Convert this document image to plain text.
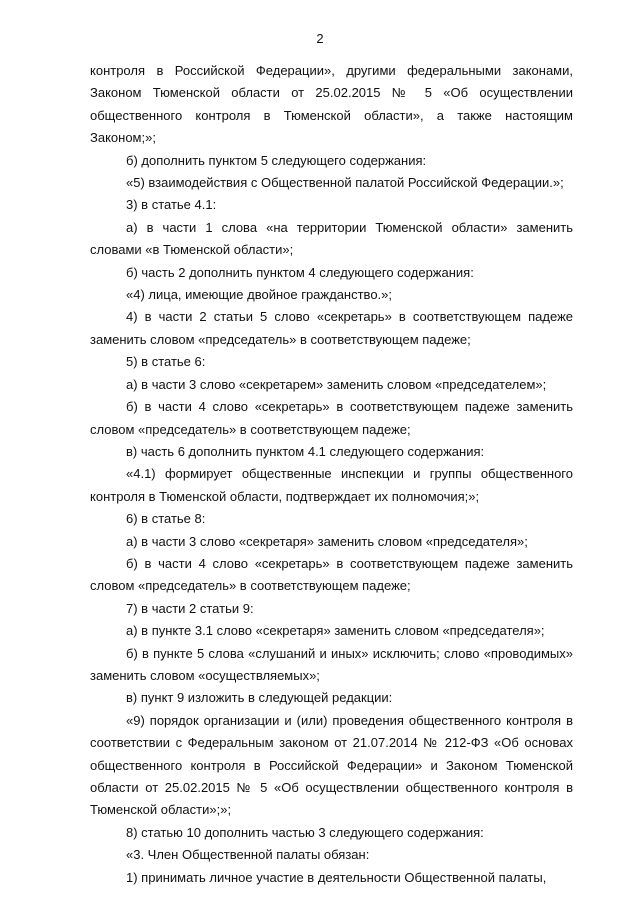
2

контроля в Российской Федерации», другими федеральными законами, Законом Тюменской области от 25.02.2015 № 5 «Об осуществлении общественного контроля в Тюменской области», а также настоящим Законом;»;

б) дополнить пунктом 5 следующего содержания:

«5) взаимодействия с Общественной палатой Российской Федерации.»;

3) в статье 4.1:

а) в части 1 слова «на территории Тюменской области» заменить словами «в Тюменской области»;

б) часть 2 дополнить пунктом 4 следующего содержания:

«4) лица, имеющие двойное гражданство.»;

4) в части 2 статьи 5 слово «секретарь» в соответствующем падеже заменить словом «председатель» в соответствующем падеже;

5) в статье 6:

а) в части 3 слово «секретарем» заменить словом «председателем»;

б) в части 4 слово «секретарь» в соответствующем падеже заменить словом «председатель» в соответствующем падеже;

в) часть 6 дополнить пунктом 4.1 следующего содержания:

«4.1) формирует общественные инспекции и группы общественного контроля в Тюменской области, подтверждает их полномочия;»;

6) в статье 8:

а) в части 3 слово «секретаря» заменить словом «председателя»;

б) в части 4 слово «секретарь» в соответствующем падеже заменить словом «председатель» в соответствующем падеже;

7) в части 2 статьи 9:

а) в пункте 3.1 слово «секретаря» заменить словом «председателя»;

б) в пункте 5 слова «слушаний и иных» исключить; слово «проводимых» заменить словом «осуществляемых»;

в) пункт 9 изложить в следующей редакции:

«9) порядок организации и (или) проведения общественного контроля в соответствии с Федеральным законом от 21.07.2014 № 212-ФЗ «Об основах общественного контроля в Российской Федерации» и Законом Тюменской области от 25.02.2015 № 5 «Об осуществлении общественного контроля в Тюменской области»;»;

8) статью 10 дополнить частью 3 следующего содержания:

«3. Член Общественной палаты обязан:

1) принимать личное участие в деятельности Общественной палаты,
